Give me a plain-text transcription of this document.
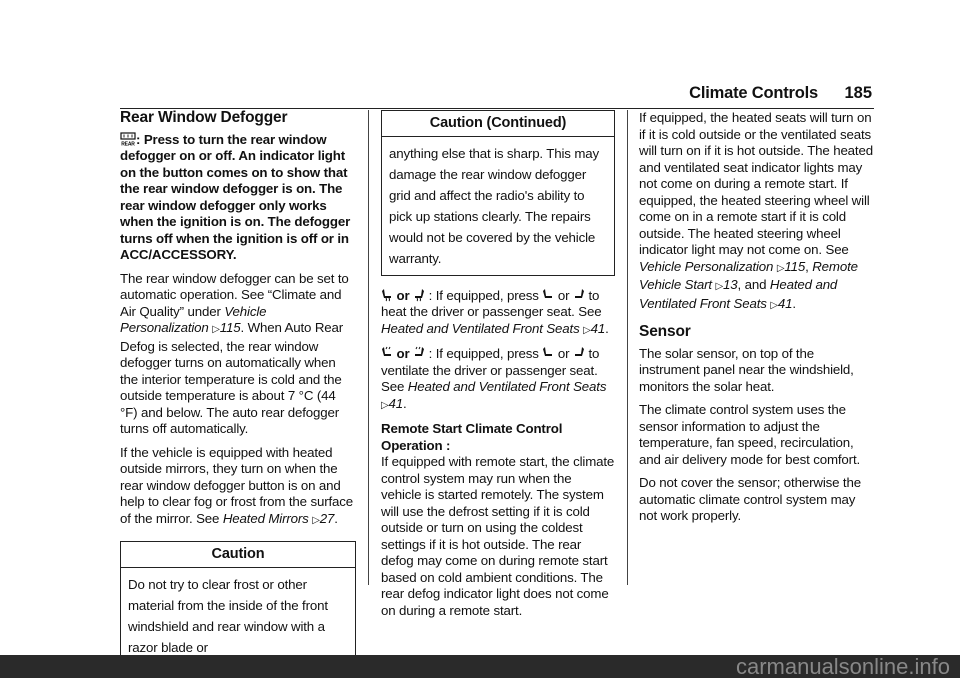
Climate Controls 185
Rear Window Defogger

REAR : Press to turn the rear window defogger on or off. An indicator light on the button comes on to show that the rear window defogger is on. The rear window defogger only works when the ignition is on. The defogger turns off when the ignition is off or in ACC/ACCESSORY.

The rear window defogger can be set to automatic operation. See “Climate and Air Quality” under Vehicle Personalization ▷115. When Auto Rear Defog is selected, the rear window defogger turns on automatically when the interior temperature is cold and the outside temperature is about 7 °C (44 °F) and below. The auto rear defogger turns off automatically.

If the vehicle is equipped with heated outside mirrors, they turn on when the rear window defogger button is on and help to clear fog or frost from the surface of the mirror. See Heated Mirrors ▷27.

Caution
Do not try to clear frost or other material from the inside of the front windshield and rear window with a razor blade or
Caution (Continued)
anything else that is sharp. This may damage the rear window defogger grid and affect the radio's ability to pick up stations clearly. The repairs would not be covered by the vehicle warranty.

or : If equipped, press or to heat the driver or passenger seat. See Heated and Ventilated Front Seats ▷41.

or : If equipped, press or to ventilate the driver or passenger seat. See Heated and Ventilated Front Seats ▷41.

Remote Start Climate Control Operation :
If equipped with remote start, the climate control system may run when the vehicle is started remotely. The system will use the defrost setting if it is cold outside or turn on using the coldest settings if it is hot outside. The rear defog may come on during remote start based on cold ambient conditions. The rear defog indicator light does not come on during a remote start.

If equipped, the heated seats will turn on if it is cold outside or the ventilated seats will turn on if it is hot outside. The heated and ventilated seat indicator lights may not come on during a remote start. If equipped, the heated steering wheel will come on in a remote start if it is cold outside. The heated steering wheel indicator light may not come on. See Vehicle Personalization ▷115, Remote Vehicle Start ▷13, and Heated and Ventilated Front Seats ▷41.

Sensor

The solar sensor, on top of the instrument panel near the windshield, monitors the solar heat.

The climate control system uses the sensor information to adjust the temperature, fan speed, recirculation, and air delivery mode for best comfort.

Do not cover the sensor; otherwise the automatic climate control system may not work properly.

carmanualsonline.info
